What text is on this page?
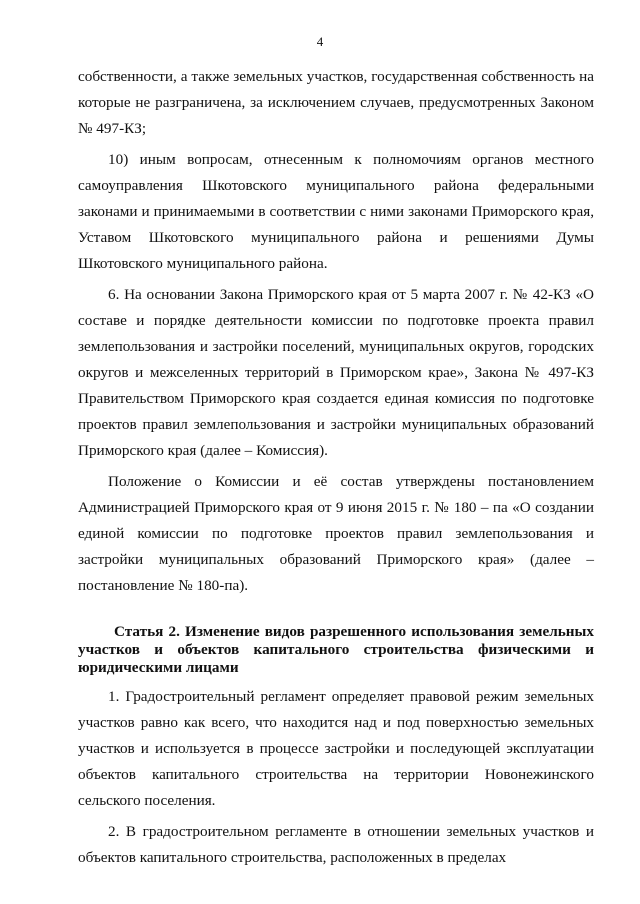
4

собственности, а также земельных участков, государственная собственность на которые не разграничена, за исключением случаев, предусмотренных Законом № 497-КЗ;

10) иным вопросам, отнесенным к полномочиям органов местного самоуправления Шкотовского муниципального района федеральными законами и принимаемыми в соответствии с ними законами Приморского края, Уставом Шкотовского муниципального района и решениями Думы Шкотовского муниципального района.

6. На основании Закона Приморского края от 5 марта 2007 г. № 42-КЗ «О составе и порядке деятельности комиссии по подготовке проекта правил землепользования и застройки поселений, муниципальных округов, городских округов и межселенных территорий в Приморском крае», Закона № 497-КЗ Правительством Приморского края создается единая комиссия по подготовке проектов правил землепользования и застройки муниципальных образований Приморского края (далее – Комиссия).

Положение о Комиссии и её состав утверждены постановлением Администрацией Приморского края от 9 июня 2015 г. № 180 – па «О создании единой комиссии по подготовке проектов правил землепользования и застройки муниципальных образований Приморского края» (далее – постановление № 180-па).

Статья 2. Изменение видов разрешенного использования земельных участков и объектов капитального строительства физическими и юридическими лицами

1. Градостроительный регламент определяет правовой режим земельных участков равно как всего, что находится над и под поверхностью земельных участков и используется в процессе застройки и последующей эксплуатации объектов капитального строительства на территории Новонежинского сельского поселения.

2. В градостроительном регламенте в отношении земельных участков и объектов капитального строительства, расположенных в пределах
